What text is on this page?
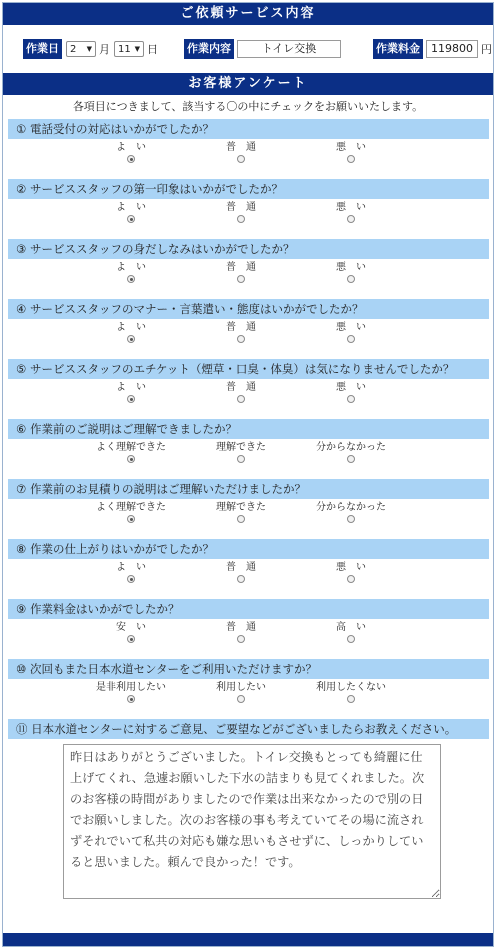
ご依頼サービス内容
作業日	2 ▼ 月 11 ▼ 日	作業内容	トイレ交換	作業料金	119800 円
お客様アンケート
各項目につきまして、該当する〇の中にチェックをお願いいたします。
① 電話受付の対応はいかがでしたか？
よ　い	普　通	悪　い
② サービススタッフの第一印象はいかがでしたか？
よ　い	普　通	悪　い
③ サービススタッフの身だしなみはいかがでしたか？
よ　い	普　通	悪　い
④ サービススタッフのマナー・言葉遣い・態度はいかがでしたか？
よ　い	普　通	悪　い
⑤ サービススタッフのエチケット（煙草・口臭・体臭）は気になりませんでしたか？
よ　い	普　通	悪　い
⑥ 作業前のご説明はご理解できましたか？
よく理解できた	理解できた	分からなかった
⑦ 作業前のお見積りの説明はご理解いただけましたか？
よく理解できた	理解できた	分からなかった
⑧ 作業の仕上がりはいかがでしたか？
よ　い	普　通	悪　い
⑨ 作業料金はいかがでしたか？
安　い	普　通	高　い
⑩ 次回もまた日本水道センターをご利用いただけますか？
是非利用したい	利用したい	利用したくない
⑪ 日本水道センターに対するご意見、ご要望などがございましたらお教えください。
昨日はありがとうございました。トイレ交換もとっても綺麗に仕上げてくれ、急遽お願いした下水の詰まりも見てくれました。次のお客様の時間がありましたので作業は出来なかったので別の日でお願いしました。次のお客様の事も考えていてその場に流されずそれでいて私共の対応も嫌な思いもさせずに、しっかりしていると思いました。頼んで良かった！です。
